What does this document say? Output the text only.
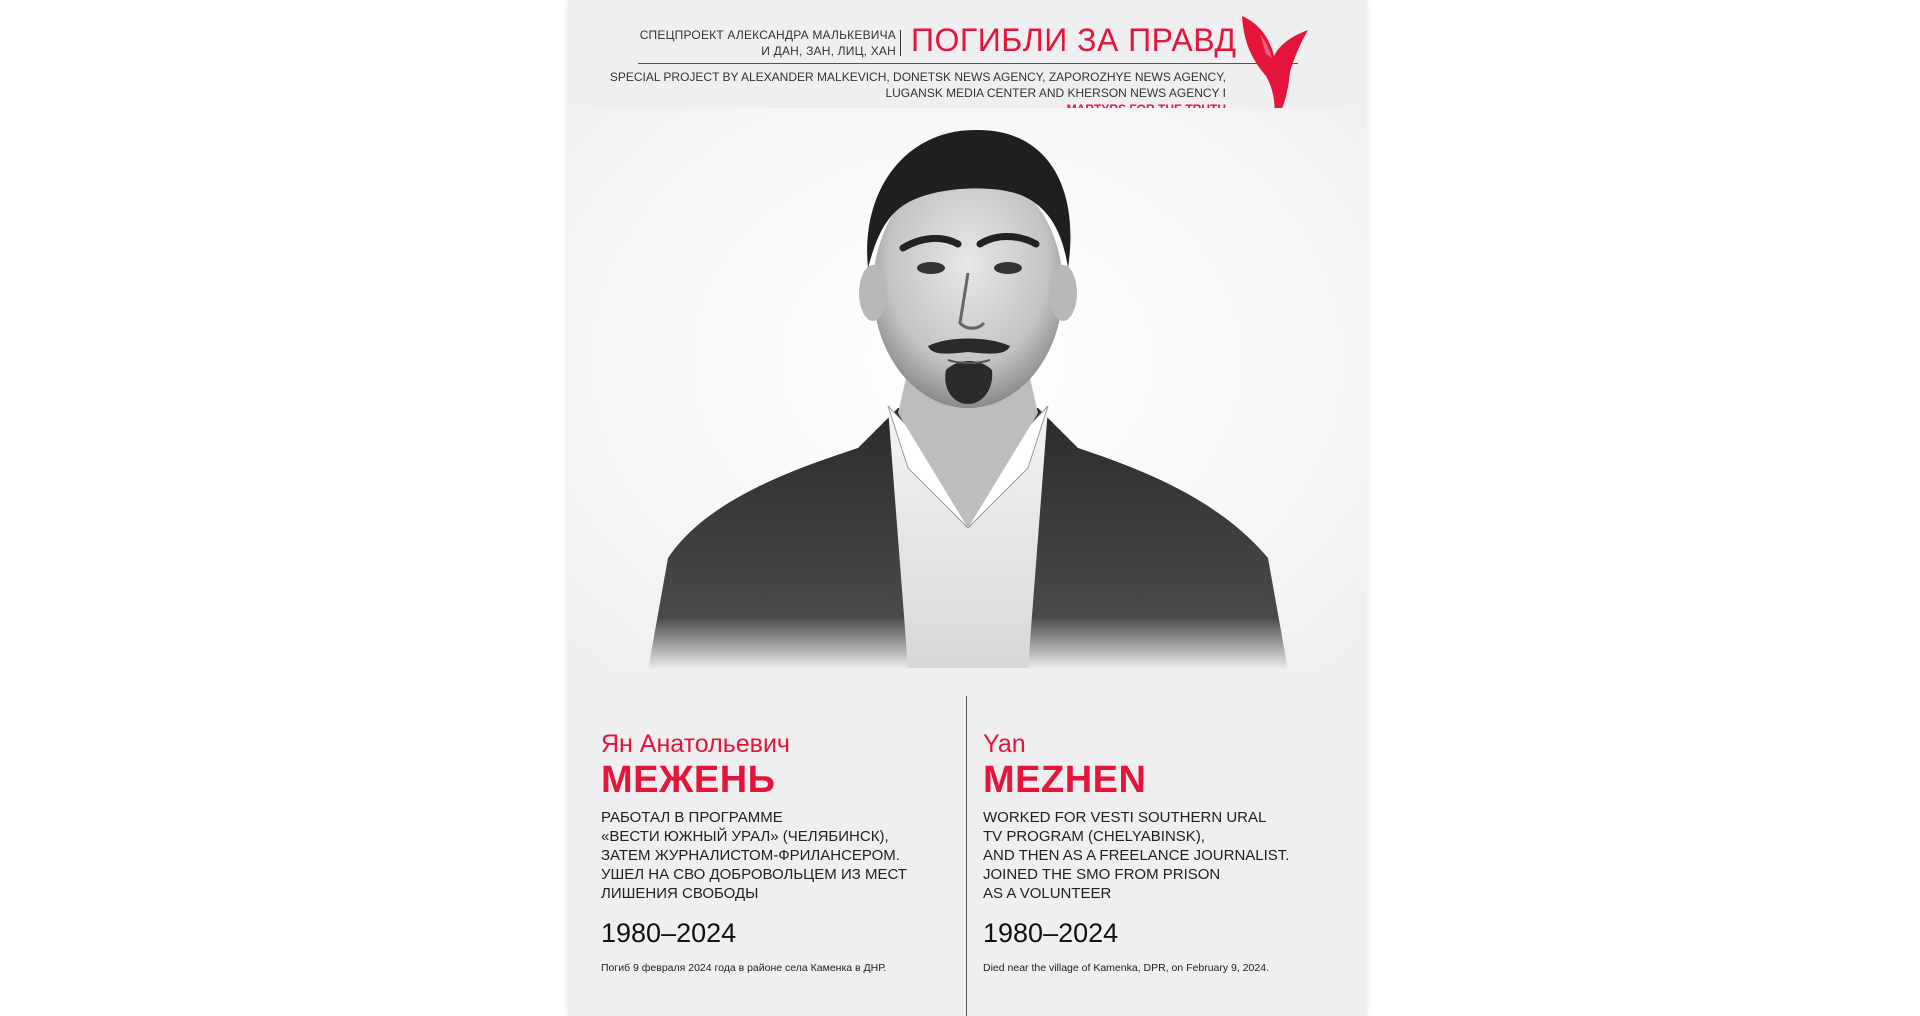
СПЕЦПРОЕКТ АЛЕКСАНДРА МАЛЬКЕВИЧА
И ДАН, ЗАН, ЛИЦ, ХАН ПОГИБЛИ ЗА ПРАВД
SPECIAL PROJECT BY ALEXANDER MALKEVICH, DONETSK NEWS AGENCY, ZAPOROZHYE NEWS AGENCY,
LUGANSK MEDIA CENTER AND KHERSON NEWS AGENCY I
Ян Анатольевич
МЕЖЕНЬ
РАБОТАЛ В ПРОГРАММЕ
«ВЕСТИ ЮЖНЫЙ УРАЛ» (ЧЕЛЯБИНСК),
ЗАТЕМ ЖУРНАЛИСТОМ-ФРИЛАНСЕРОМ.
УШЕЛ НА СВО ДОБРОВОЛЬЦЕМ ИЗ МЕСТ
ЛИШЕНИЯ СВОБОДЫ
1980–2024
Погиб 9 февраля 2024 года в районе села Каменка в ДНР.
Yan
MEZHEN
WORKED FOR VESTI SOUTHERN URAL
TV PROGRAM (CHELYABINSK),
AND THEN AS A FREELANCE JOURNALIST.
JOINED THE SMO FROM PRISON
AS A VOLUNTEER
1980–2024
Died near the village of Kamenka, DPR, on February 9, 2024.
